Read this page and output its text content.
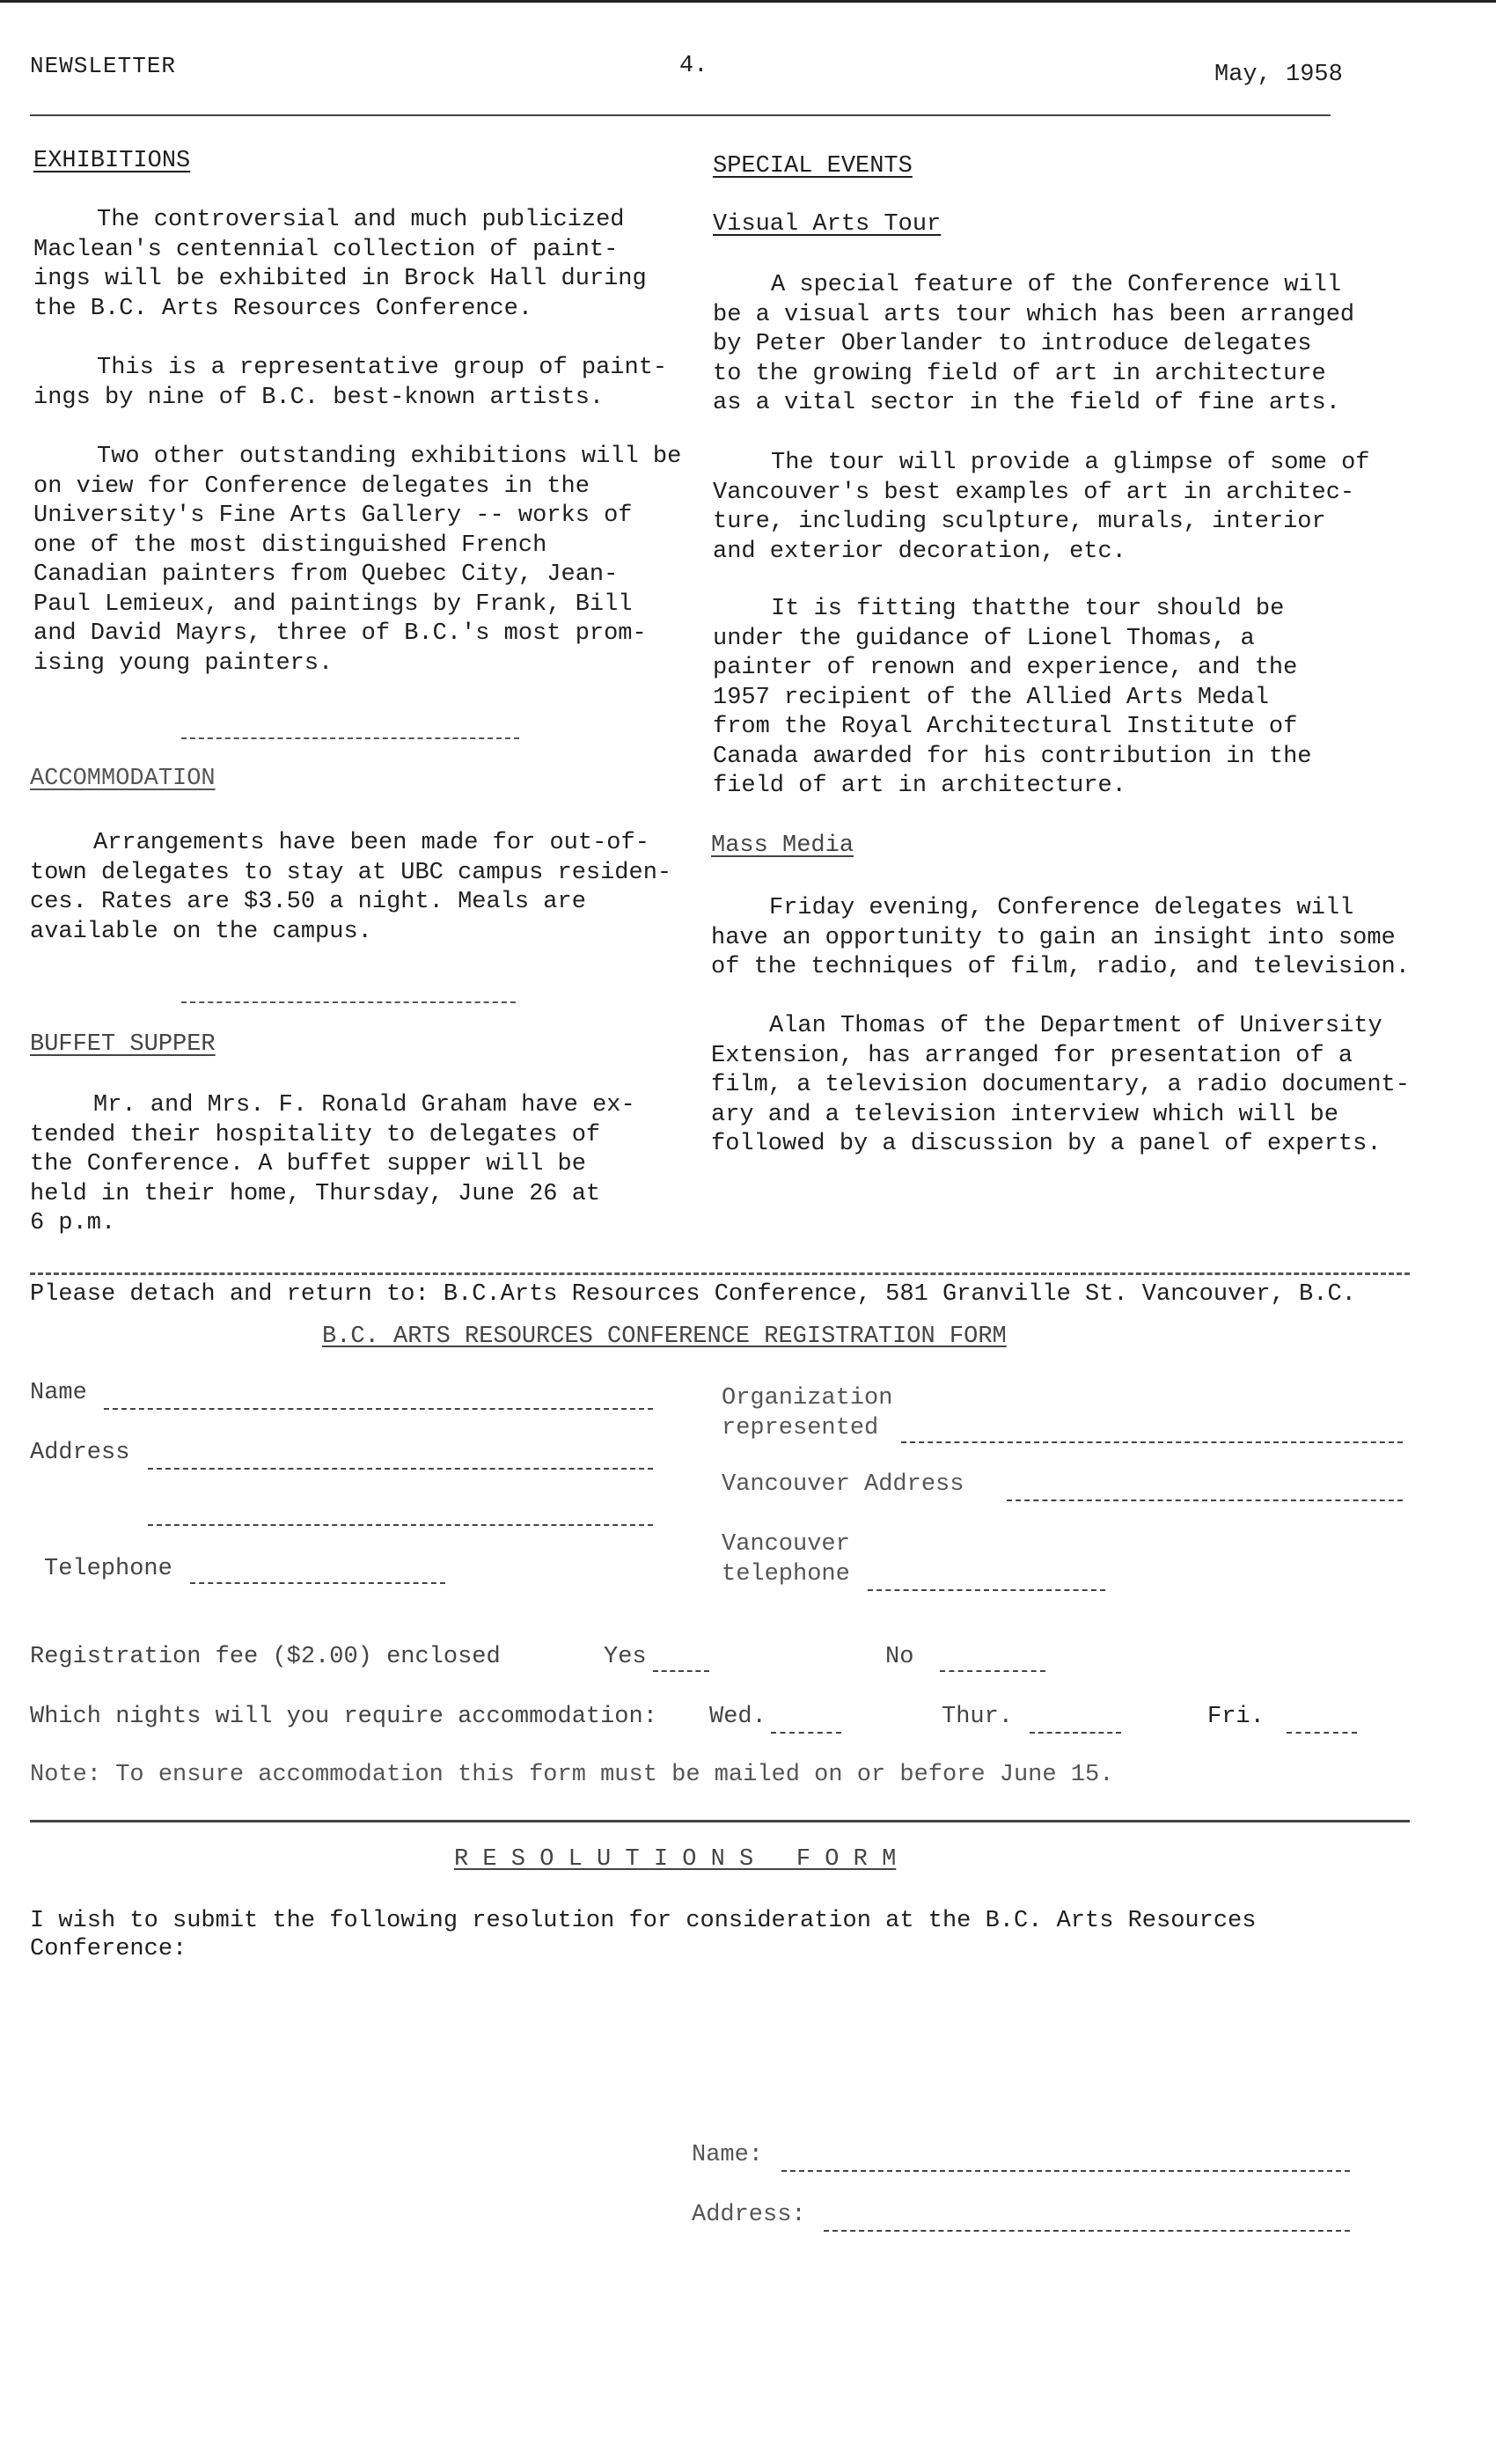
NEWSLETTER	4.	May, 1958
EXHIBITIONS
The controversial and much publicized
Maclean's centennial collection of paint-
ings will be exhibited in Brock Hall during
the B.C. Arts Resources Conference.
This is a representative group of paint-
ings by nine of B.C. best-known artists.
Two other outstanding exhibitions will be
on view for Conference delegates in the
University's Fine Arts Gallery -- works of
one of the most distinguished French
Canadian painters from Quebec City, Jean-
Paul Lemieux, and paintings by Frank, Bill
and David Mayrs, three of B.C.'s most prom-
ising young painters.
ACCOMMODATION
Arrangements have been made for out-of-
town delegates to stay at UBC campus residen-
ces. Rates are $3.50 a night. Meals are
available on the campus.
BUFFET SUPPER
Mr. and Mrs. F. Ronald Graham have ex-
tended their hospitality to delegates of
the Conference. A buffet supper will be
held in their home, Thursday, June 26 at
6 p.m.
SPECIAL EVENTS
Visual Arts Tour
A special feature of the Conference will
be a visual arts tour which has been arranged
by Peter Oberlander to introduce delegates
to the growing field of art in architecture
as a vital sector in the field of fine arts.
The tour will provide a glimpse of some of
Vancouver's best examples of art in architec-
ture, including sculpture, murals, interior
and exterior decoration, etc.
It is fitting thatthe tour should be
under the guidance of Lionel Thomas, a
painter of renown and experience, and the
1957 recipient of the Allied Arts Medal
from the Royal Architectural Institute of
Canada awarded for his contribution in the
field of art in architecture.
Mass Media
Friday evening, Conference delegates will
have an opportunity to gain an insight into some
of the techniques of film, radio, and television.
Alan Thomas of the Department of University
Extension, has arranged for presentation of a
film, a television documentary, a radio document-
ary and a television interview which will be
followed by a discussion by a panel of experts.
Please detach and return to: B.C.Arts Resources Conference, 581 Granville St. Vancouver, B.C.
B.C. ARTS RESOURCES CONFERENCE REGISTRATION FORM
Name
Address
Telephone
Organization
represented
Vancouver Address
Vancouver
telephone
Registration fee ($2.00) enclosed	Yes	No
Which nights will you require accommodation: Wed.	Thur.	Fri.
Note: To ensure accommodation this form must be mailed on or before June 15.
R E S O L U T I O N S   F O R M
I wish to submit the following resolution for consideration at the B.C. Arts Resources
Conference:
Name:
Address:
